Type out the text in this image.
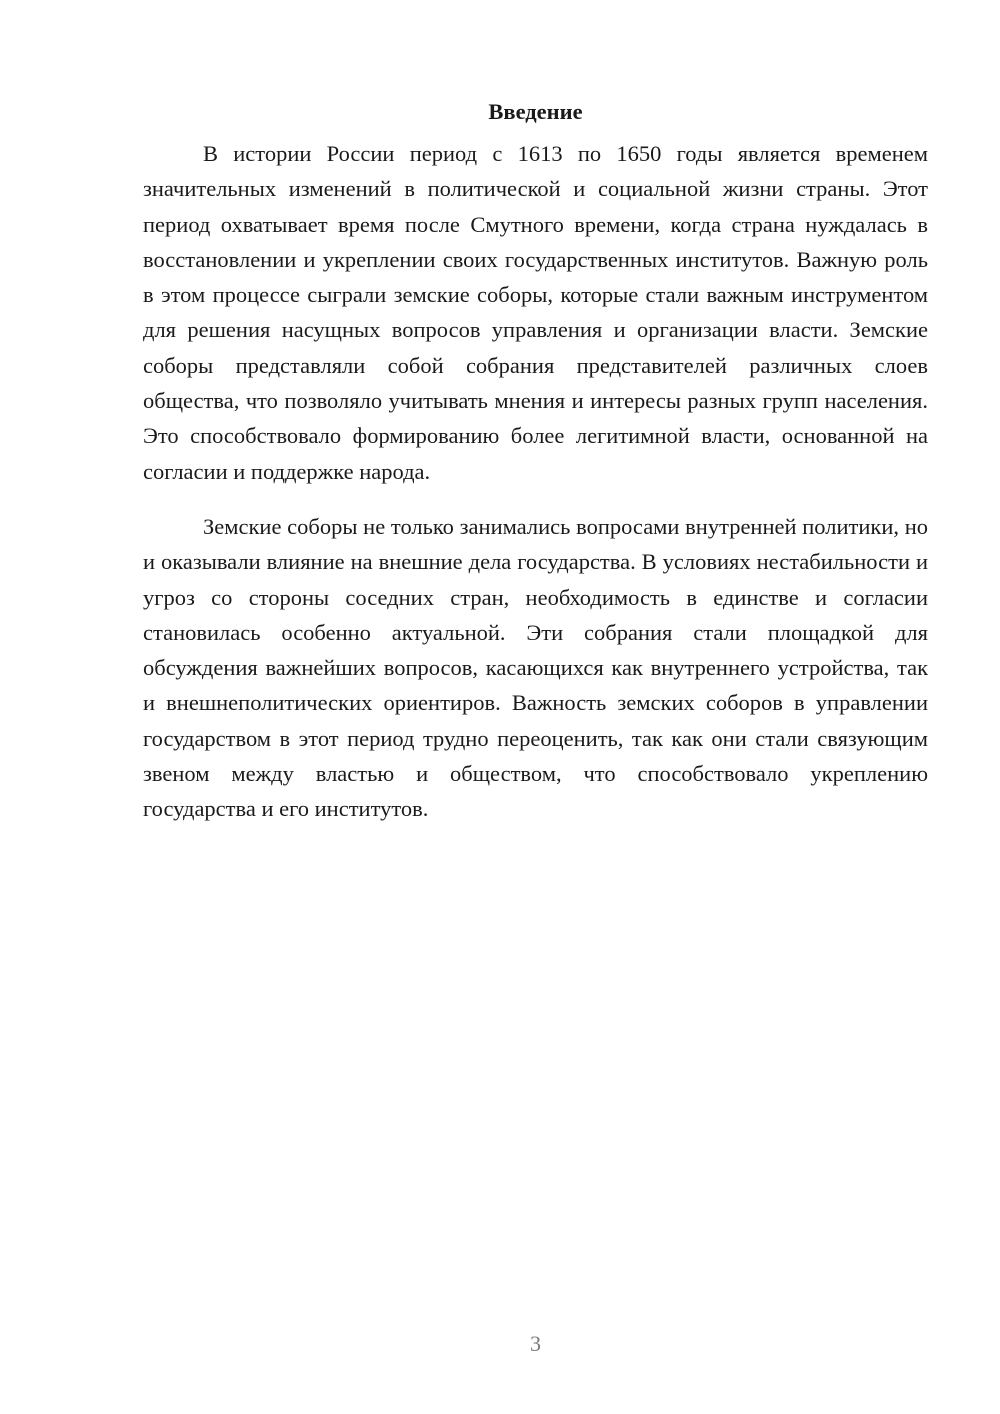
Введение

В истории России период с 1613 по 1650 годы является временем значительных изменений в политической и социальной жизни страны. Этот период охватывает время после Смутного времени, когда страна нуждалась в восстановлении и укреплении своих государственных институтов. Важную роль в этом процессе сыграли земские соборы, которые стали важным инструментом для решения насущных вопросов управления и организации власти. Земские соборы представляли собой собрания представителей различных слоев общества, что позволяло учитывать мнения и интересы разных групп населения. Это способствовало формированию более легитимной власти, основанной на согласии и поддержке народа.

Земские соборы не только занимались вопросами внутренней политики, но и оказывали влияние на внешние дела государства. В условиях нестабильности и угроз со стороны соседних стран, необходимость в единстве и согласии становилась особенно актуальной. Эти собрания стали площадкой для обсуждения важнейших вопросов, касающихся как внутреннего устройства, так и внешнеполитических ориентиров. Важность земских соборов в управлении государством в этот период трудно переоценить, так как они стали связующим звеном между властью и обществом, что способствовало укреплению государства и его институтов.

3
